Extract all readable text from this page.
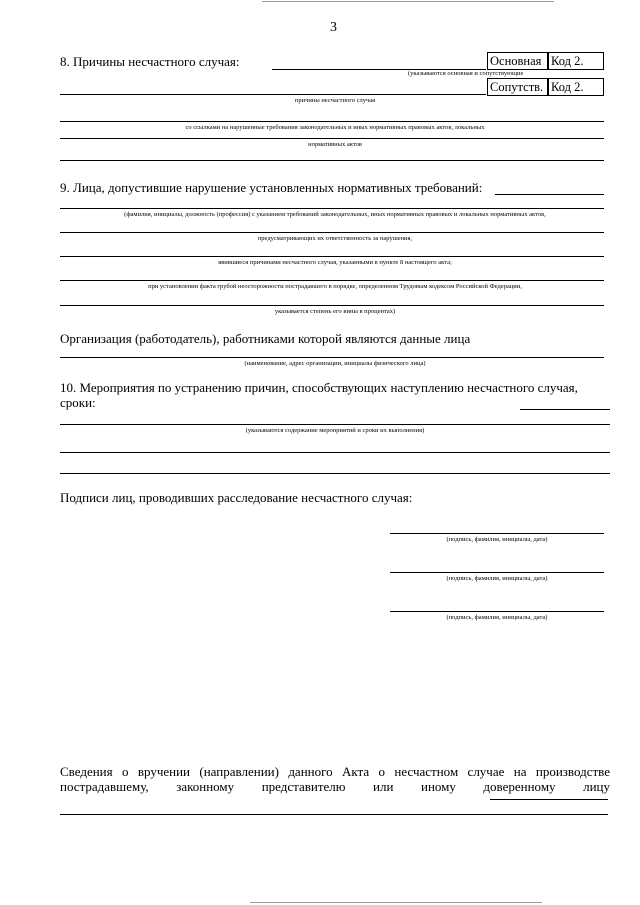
3
8. Причины несчастного случая:	Основная Код 2.
(указываются основная и сопутствующие
Сопутств. Код 2.
причины несчастного случая
со ссылками на нарушенные требования законодательных и иных нормативных правовых актов, локальных
нормативных актов
9. Лица, допустившие нарушение установленных нормативных требований:
(фамилия, инициалы, должность (профессия) с указанием требований законодательных, иных нормативных правовых и локальных нормативных актов,
предусматривающих их ответственность за нарушения,
явившиеся причинами несчастного случая, указанными в пункте 8 настоящего акта;
при установлении факта грубой неосторожности пострадавшего в порядке, определенном Трудовым кодексом Российской Федерации,
указывается степень его вины в процентах)
Организация (работодатель), работниками которой являются данные лица
(наименование, адрес организации, инициалы физического лица)
10. Мероприятия по устранению причин, способствующих наступлению несчастного случая, сроки:
(указываются содержание мероприятий и сроки их выполнения)
Подписи лиц, проводивших расследование несчастного случая:
(подпись, фамилия, инициалы, дата)
(подпись, фамилия, инициалы, дата)
(подпись, фамилия, инициалы, дата)
Сведения о вручении (направлении) данного Акта о несчастном случае на производстве пострадавшему, законному представителю или иному доверенному лицу
